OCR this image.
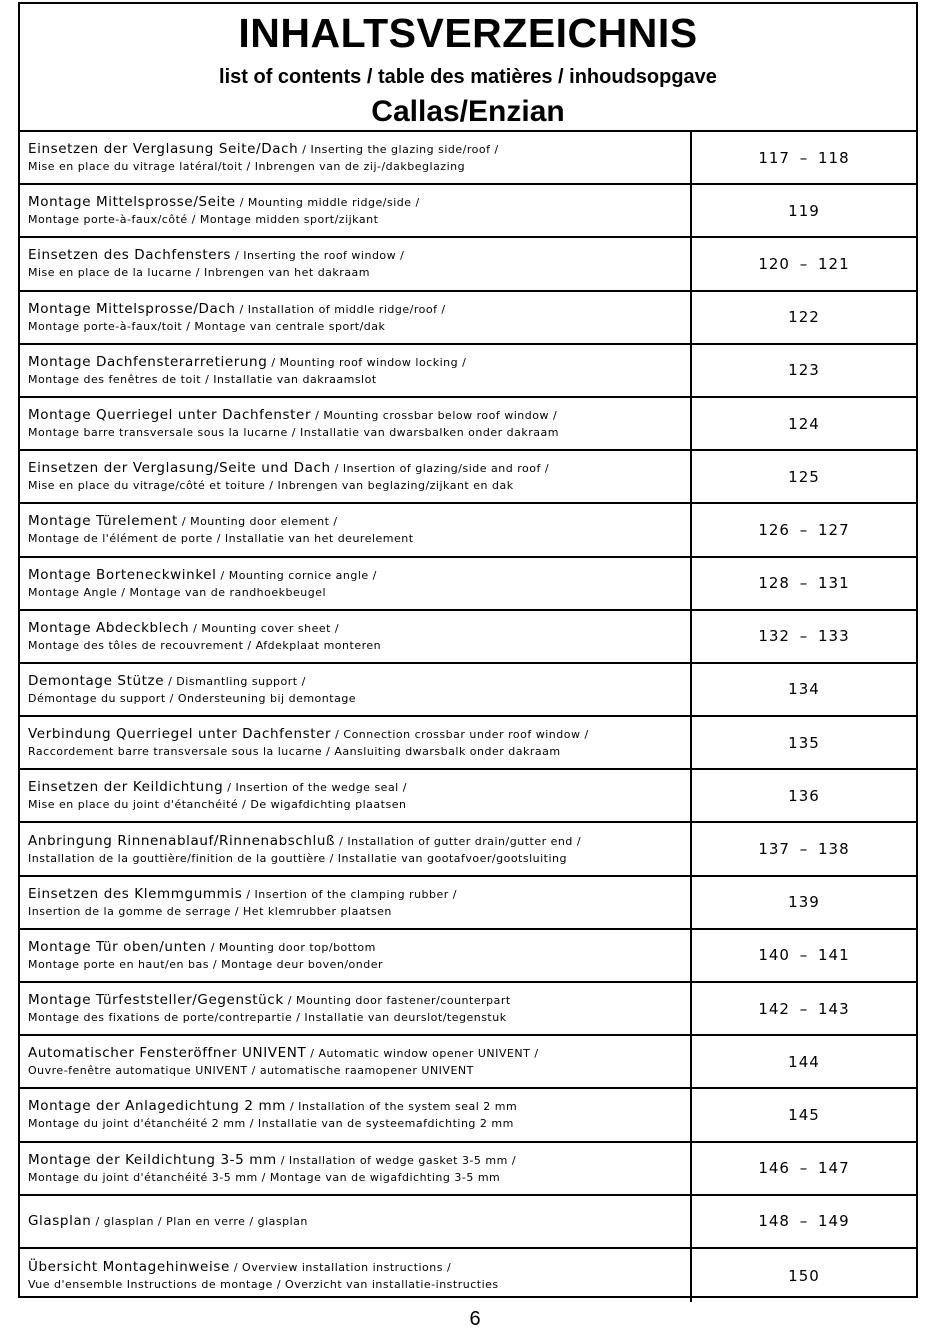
INHALTSVERZEICHNIS
list of contents / table des matières / inhoudsopgave
Callas/Enzian
Einsetzen der Verglasung Seite/Dach / Inserting the glazing side/roof /
Mise en place du vitrage latéral/toit / Inbrengen van de zij-/dakbeglazing	117 – 118
Montage Mittelsprosse/Seite / Mounting middle ridge/side /
Montage porte-à-faux/côté / Montage midden sport/zijkant	119
Einsetzen des Dachfensters / Inserting the roof window /
Mise en place de la lucarne / Inbrengen van het dakraam	120 – 121
Montage Mittelsprosse/Dach / Installation of middle ridge/roof /
Montage porte-à-faux/toit / Montage van centrale sport/dak	122
Montage Dachfensterarretierung / Mounting roof window locking /
Montage des fenêtres de toit / Installatie van dakraamslot	123
Montage Querriegel unter Dachfenster / Mounting crossbar below roof window /
Montage barre transversale sous la lucarne / Installatie van dwarsbalken onder dakraam	124
Einsetzen der Verglasung/Seite und Dach / Insertion of glazing/side and roof /
Mise en place du vitrage/côté et toiture / Inbrengen van beglazing/zijkant en dak	125
Montage Türelement / Mounting door element /
Montage de l'élément de porte / Installatie van het deurelement	126 – 127
Montage Borteneckwinkel / Mounting cornice angle /
Montage Angle / Montage van de randhoekbeugel	128 – 131
Montage Abdeckblech / Mounting cover sheet /
Montage des tôles de recouvrement / Afdekplaat monteren	132 – 133
Demontage Stütze / Dismantling support /
Démontage du support / Ondersteuning bij demontage	134
Verbindung Querriegel unter Dachfenster / Connection crossbar under roof window /
Raccordement barre transversale sous la lucarne / Aansluiting dwarsbalk onder dakraam	135
Einsetzen der Keildichtung / Insertion of the wedge seal /
Mise en place du joint d'étanchéité / De wigafdichting plaatsen	136
Anbringung Rinnenablauf/Rinnenabschluß / Installation of gutter drain/gutter end /
Installation de la gouttière/finition de la gouttière / Installatie van gootafvoer/gootsluiting	137 – 138
Einsetzen des Klemmgummis / Insertion of the clamping rubber /
Insertion de la gomme de serrage / Het klemrubber plaatsen	139
Montage Tür oben/unten / Mounting door top/bottom
Montage porte en haut/en bas / Montage deur boven/onder	140 – 141
Montage Türfeststeller/Gegenstück / Mounting door fastener/counterpart
Montage des fixations de porte/contrepartie / Installatie van deurslot/tegenstuk	142 – 143
Automatischer Fensteröffner UNIVENT / Automatic window opener UNIVENT /
Ouvre-fenêtre automatique UNIVENT / automatische raamopener UNIVENT	144
Montage der Anlagedichtung 2 mm / Installation of the system seal 2 mm
Montage du joint d'étanchéité 2 mm / Installatie van de systeemafdichting 2 mm	145
Montage der Keildichtung 3-5 mm / Installation of wedge gasket 3-5 mm /
Montage du joint d'étanchéité 3-5 mm / Montage van de wigafdichting 3-5 mm	146 – 147
Glasplan / glasplan / Plan en verre / glasplan	148 – 149
Übersicht Montagehinweise / Overview installation instructions /
Vue d'ensemble Instructions de montage / Overzicht van installatie-instructies	150
6
